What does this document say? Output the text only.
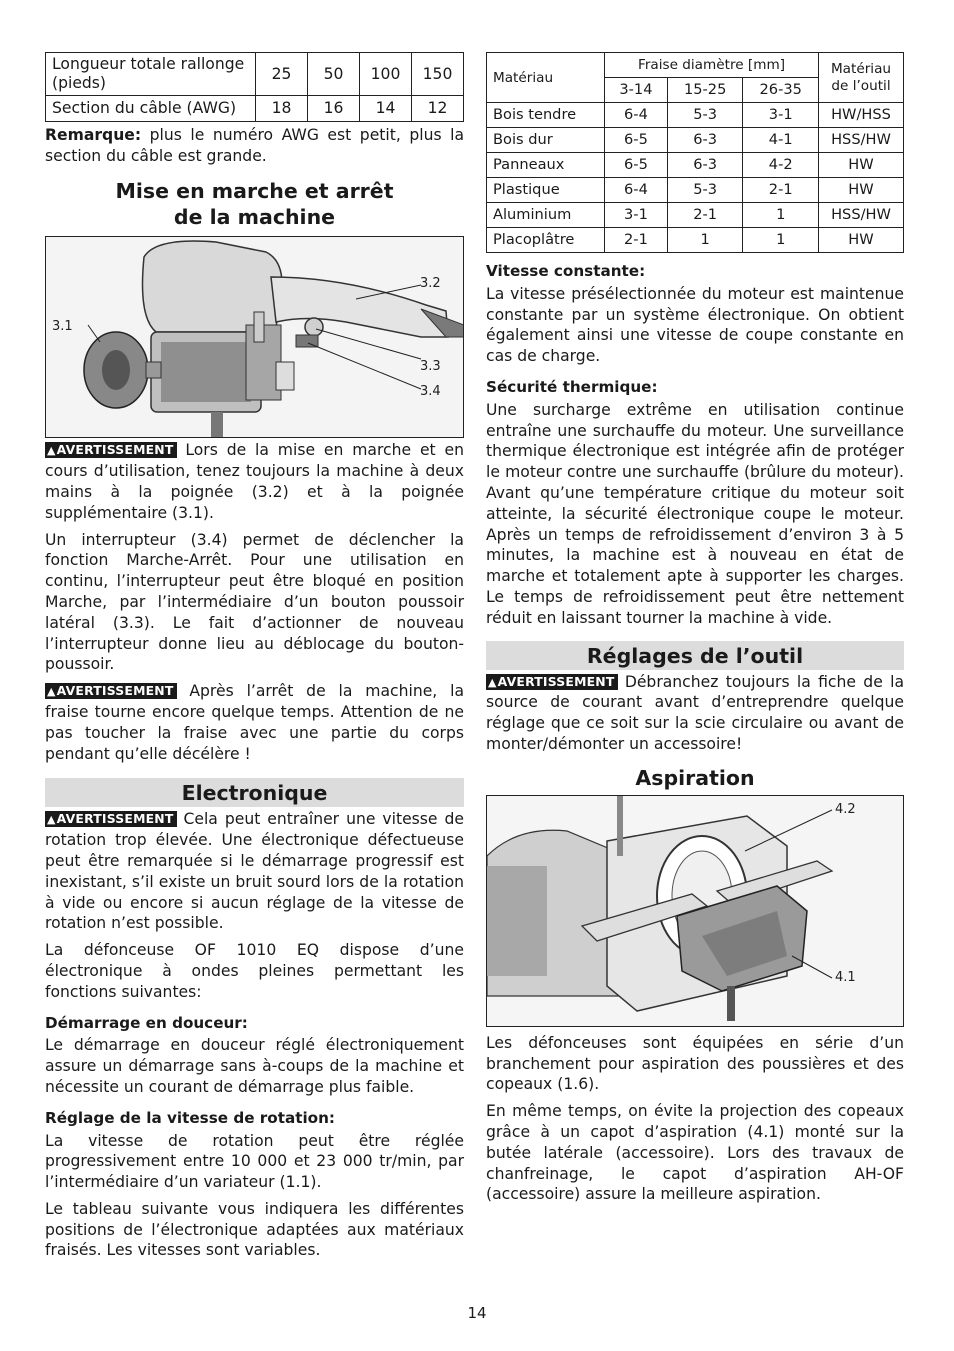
Longueur totale rallonge (pieds)	25	50	100	150
Section du câble (AWG)	18	16	14	12

Remarque: plus le numéro AWG est petit, plus la section du câble est grande.

Mise en marche et arrêt de la machine
3.1
3.2
3.3
3.4

▲AVERTISSEMENT Lors de la mise en marche et en cours d’utilisation, tenez toujours la machine à deux mains à la poignée (3.2) et à la poignée supplémentaire (3.1).

Un interrupteur (3.4) permet de déclencher la fonction Marche-Arrêt. Pour une utilisation en continu, l’interrupteur peut être bloqué en position Marche, par l’intermédiaire d’un bouton poussoir latéral (3.3). Le fait d’actionner de nouveau l’interrupteur donne lieu au déblocage du bouton-poussoir.

▲AVERTISSEMENT Après l’arrêt de la machine, la fraise tourne encore quelque temps. Attention de ne pas toucher la fraise avec une partie du corps pendant qu’elle décélère !

Electronique

▲AVERTISSEMENT Cela peut entraîner une vitesse de rotation trop élevée. Une électronique défectueuse peut être remarquée si le démarrage progressif est inexistant, s’il existe un bruit sourd lors de la rotation à vide ou encore si aucun réglage de la vitesse de rotation n’est possible.

La défonceuse OF 1010 EQ dispose d’une électronique à ondes pleines permettant les fonctions suivantes:

Démarrage en douceur:

Le démarrage en douceur réglé électroniquement assure un démarrage sans à-coups de la machine et nécessite un courant de démarrage plus faible.

Réglage de la vitesse de rotation:

La vitesse de rotation peut être réglée progressivement entre 10 000 et 23 000 tr/min, par l’intermédiaire d’un variateur (1.1).

Le tableau suivante vous indiquera les différentes positions de l’électronique adaptées aux matériaux fraisés. Les vitesses sont variables.

Matériau	Fraise diamètre [mm]			Matériau de l’outil
	3-14	15-25	26-35	
Bois tendre	6-4	5-3	3-1	HW/HSS
Bois dur	6-5	6-3	4-1	HSS/HW
Panneaux	6-5	6-3	4-2	HW
Plastique	6-4	5-3	2-1	HW
Aluminium	3-1	2-1	1	HSS/HW
Placoplâtre	2-1	1	1	HW
Vitesse constante:

La vitesse présélectionnée du moteur est maintenue constante par un système électronique. On obtient également ainsi une vitesse de coupe constante en cas de charge.

Sécurité thermique:

Une surcharge extrême en utilisation continue entraîne une surchauffe du moteur. Une surveillance thermique électronique est intégrée afin de protéger le moteur contre une surchauffe (brûlure du moteur). Avant qu’une température critique du moteur soit atteinte, la sécurité électronique coupe le moteur. Après un temps de refroidissement d’environ 3 à 5 minutes, la machine est à nouveau en état de marche et totalement apte à supporter les charges. Le temps de refroidissement peut être nettement réduit en laissant tourner la machine à vide.

Réglages de l’outil

▲AVERTISSEMENT Débranchez toujours la fiche de la source de courant avant d’entreprendre quelque réglage que ce soit sur la scie circulaire ou avant de monter/démonter un accessoire!

Aspiration
4.2
4.1

Les défonceuses sont équipées en série d’un branchement pour aspiration des poussières et des copeaux (1.6).

En même temps, on évite la projection des copeaux grâce à un capot d’aspiration (4.1) monté sur la butée latérale (accessoire). Lors des travaux de chanfreinage, le capot d’aspiration AH-OF (accessoire) assure la meilleure aspiration.

14
